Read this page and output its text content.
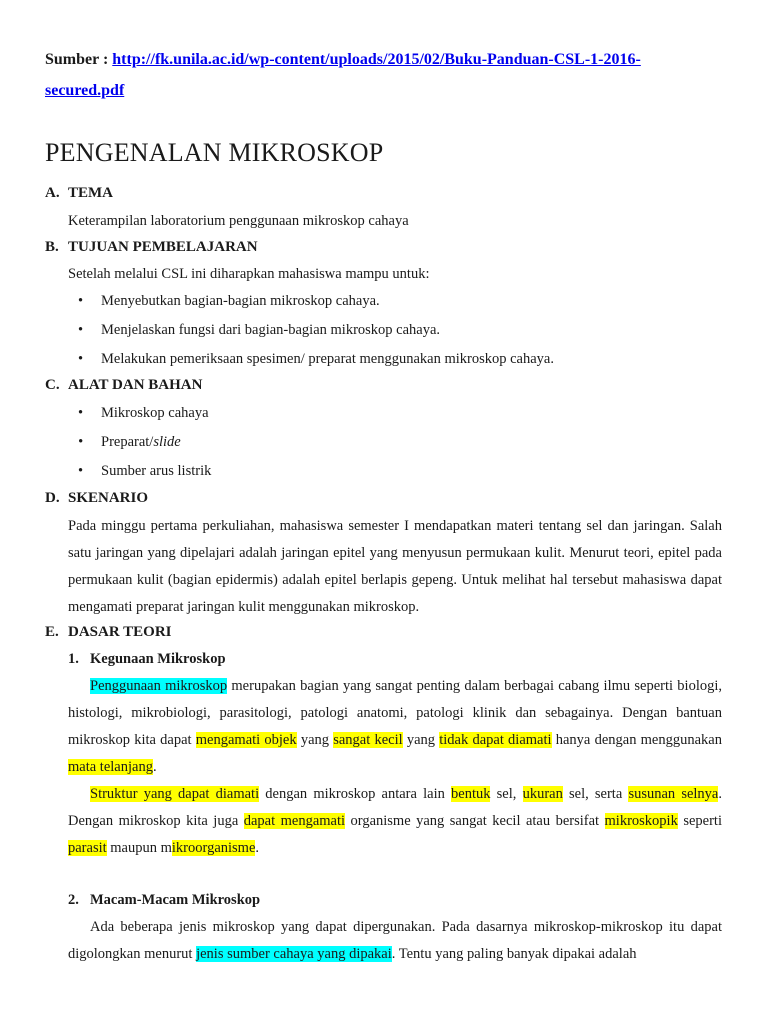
Sumber : http://fk.unila.ac.id/wp-content/uploads/2015/02/Buku-Panduan-CSL-1-2016-
secured.pdf
PENGENALAN MIKROSKOP
A. TEMA

Keterampilan laboratorium penggunaan mikroskop cahaya

B. TUJUAN PEMBELAJARAN

Setelah melalui CSL ini diharapkan mahasiswa mampu untuk:

• Menyebutkan bagian-bagian mikroskop cahaya.
• Menjelaskan fungsi dari bagian-bagian mikroskop cahaya.
• Melakukan pemeriksaan spesimen/ preparat menggunakan mikroskop cahaya.
C. ALAT DAN BAHAN
• Mikroskop cahaya
• Preparat/slide
• Sumber arus listrik
D. SKENARIO

Pada minggu pertama perkuliahan, mahasiswa semester I mendapatkan materi tentang sel dan jaringan. Salah satu jaringan yang dipelajari adalah jaringan epitel yang menyusun permukaan kulit. Menurut teori, epitel pada permukaan kulit (bagian epidermis) adalah epitel berlapis gepeng. Untuk melihat hal tersebut mahasiswa dapat mengamati preparat jaringan kulit menggunakan mikroskop.

E. DASAR TEORI
1. Kegunaan Mikroskop

Penggunaan mikroskop merupakan bagian yang sangat penting dalam berbagai cabang ilmu seperti biologi, histologi, mikrobiologi, parasitologi, patologi anatomi, patologi klinik dan sebagainya. Dengan bantuan mikroskop kita dapat mengamati objek yang sangat kecil yang tidak dapat diamati hanya dengan menggunakan mata telanjang.

Struktur yang dapat diamati dengan mikroskop antara lain bentuk sel, ukuran sel, serta susunan selnya. Dengan mikroskop kita juga dapat mengamati organisme yang sangat kecil atau bersifat mikroskopik seperti parasit maupun mikroorganisme.

2. Macam-Macam Mikroskop

Ada beberapa jenis mikroskop yang dapat dipergunakan. Pada dasarnya mikroskop-mikroskop itu dapat digolongkan menurut jenis sumber cahaya yang dipakai. Tentu yang paling banyak dipakai adalah
